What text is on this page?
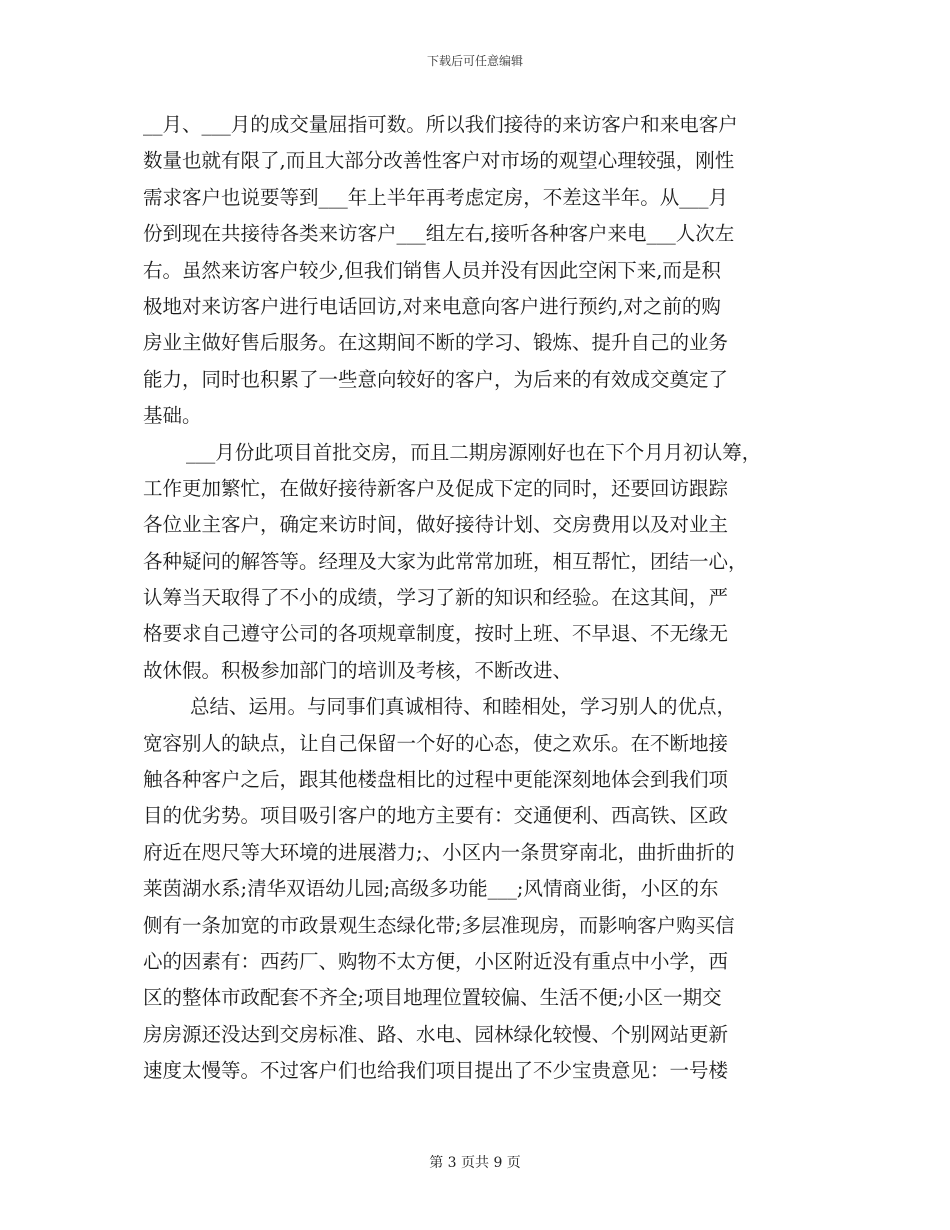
下载后可任意编辑
__月、___月的成交量屈指可数。所以我们接待的来访客户和来电客户
数量也就有限了,而且大部分改善性客户对市场的观望心理较强，刚性
需求客户也说要等到___年上半年再考虑定房，不差这半年。从___月
份到现在共接待各类来访客户___组左右,接听各种客户来电___人次左
右。虽然来访客户较少,但我们销售人员并没有因此空闲下来,而是积
极地对来访客户进行电话回访,对来电意向客户进行预约,对之前的购
房业主做好售后服务。在这期间不断的学习、锻炼、提升自己的业务
能力，同时也积累了一些意向较好的客户，为后来的有效成交奠定了
基础。
___月份此项目首批交房，而且二期房源刚好也在下个月月初认筹，
工作更加繁忙，在做好接待新客户及促成下定的同时，还要回访跟踪
各位业主客户，确定来访时间，做好接待计划、交房费用以及对业主
各种疑问的解答等。经理及大家为此常常加班，相互帮忙，团结一心，
认筹当天取得了不小的成绩，学习了新的知识和经验。在这其间，严
格要求自己遵守公司的各项规章制度，按时上班、不早退、不无缘无
故休假。积极参加部门的培训及考核，不断改进、
总结、运用。与同事们真诚相待、和睦相处，学习别人的优点，
宽容别人的缺点，让自己保留一个好的心态，使之欢乐。在不断地接
触各种客户之后，跟其他楼盘相比的过程中更能深刻地体会到我们项
目的优劣势。项目吸引客户的地方主要有：交通便利、西高铁、区政
府近在咫尺等大环境的进展潜力;、小区内一条贯穿南北，曲折曲折的
莱茵湖水系;清华双语幼儿园;高级多功能___;风情商业街，小区的东
侧有一条加宽的市政景观生态绿化带;多层准现房，而影响客户购买信
心的因素有：西药厂、购物不太方便，小区附近没有重点中小学，西
区的整体市政配套不齐全;项目地理位置较偏、生活不便;小区一期交
房房源还没达到交房标准、路、水电、园林绿化较慢、个别网站更新
速度太慢等。不过客户们也给我们项目提出了不少宝贵意见：一号楼
第 3 页共 9 页
